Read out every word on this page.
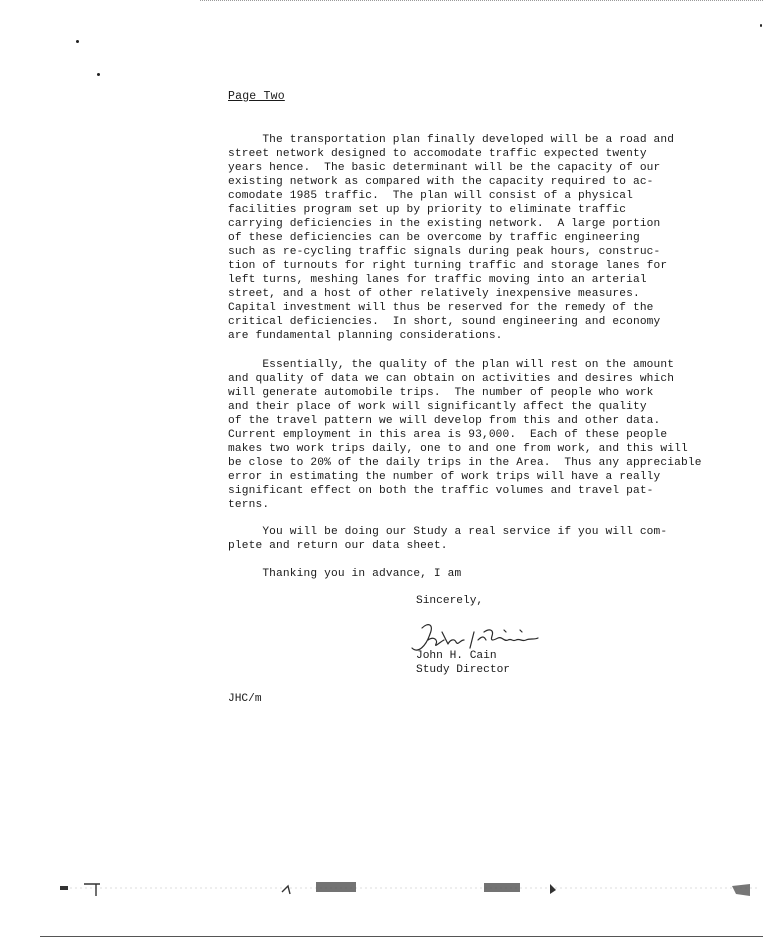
Page Two
The transportation plan finally developed will be a road and
street network designed to accomodate traffic expected twenty
years hence.  The basic determinant will be the capacity of our
existing network as compared with the capacity required to ac-
comodate 1985 traffic.  The plan will consist of a physical
facilities program set up by priority to eliminate traffic
carrying deficiencies in the existing network.  A large portion
of these deficiencies can be overcome by traffic engineering
such as re-cycling traffic signals during peak hours, construc-
tion of turnouts for right turning traffic and storage lanes for
left turns, meshing lanes for traffic moving into an arterial
street, and a host of other relatively inexpensive measures.
Capital investment will thus be reserved for the remedy of the
critical deficiencies.  In short, sound engineering and economy
are fundamental planning considerations.
Essentially, the quality of the plan will rest on the amount
and quality of data we can obtain on activities and desires which
will generate automobile trips.  The number of people who work
and their place of work will significantly affect the quality
of the travel pattern we will develop from this and other data.
Current employment in this area is 93,000.  Each of these people
makes two work trips daily, one to and one from work, and this will
be close to 20% of the daily trips in the Area.  Thus any appreciable
error in estimating the number of work trips will have a really
significant effect on both the traffic volumes and travel pat-
terns.
You will be doing our Study a real service if you will com-
plete and return our data sheet.
Thanking you in advance, I am
Sincerely,
John H. Cain
Study Director
JHC/m
